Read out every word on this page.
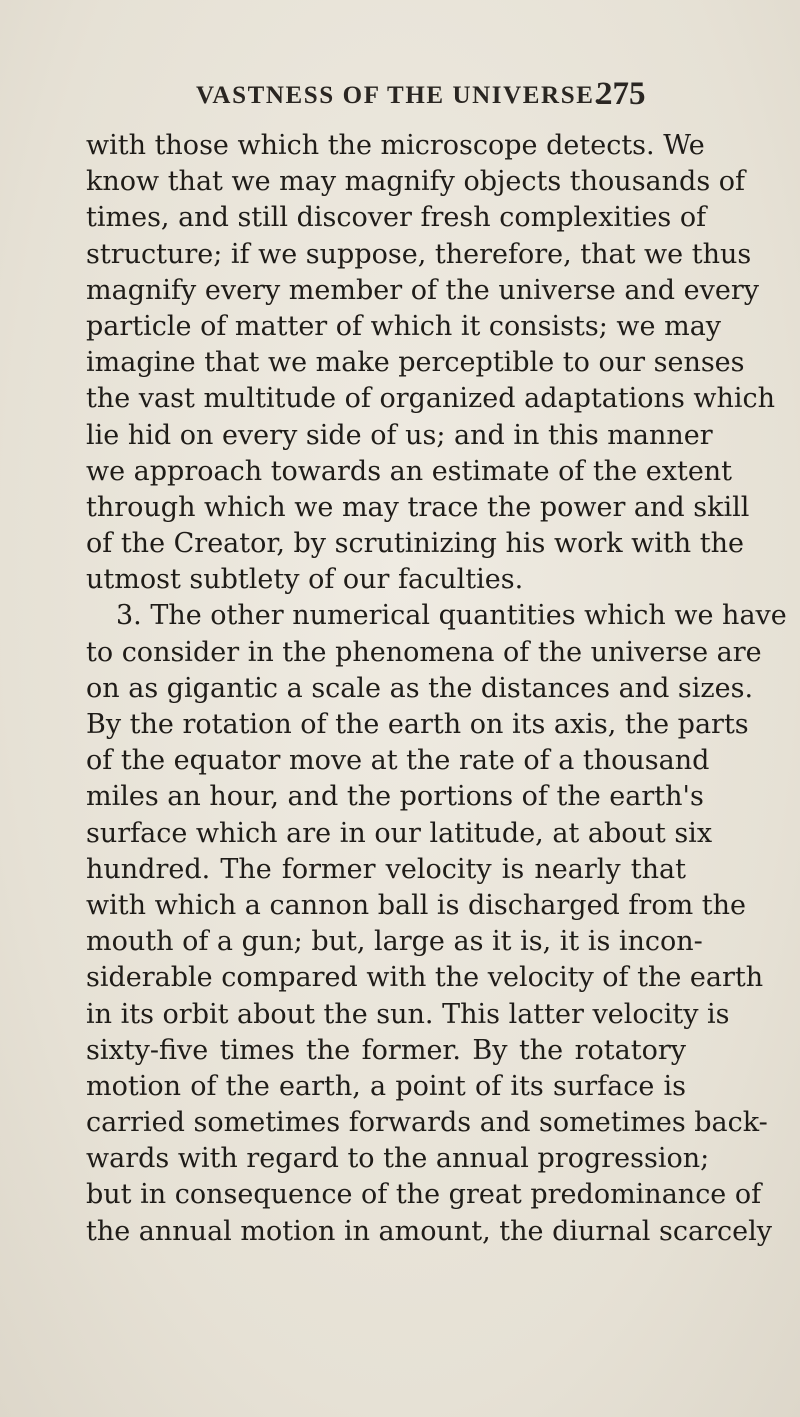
VASTNESS OF THE UNIVERSE.
275
with those which the microscope detects. We
know that we may magnify objects thousands of
times, and still discover fresh complexities of
structure; if we suppose, therefore, that we thus
magnify every member of the universe and every
particle of matter of which it consists; we may
imagine that we make perceptible to our senses
the vast multitude of organized adaptations which
lie hid on every side of us; and in this manner
we approach towards an estimate of the extent
through which we may trace the power and skill
of the Creator, by scrutinizing his work with the
utmost subtlety of our faculties.
3. The other numerical quantities which we have
to consider in the phenomena of the universe are
on as gigantic a scale as the distances and sizes.
By the rotation of the earth on its axis, the parts
of the equator move at the rate of a thousand
miles an hour, and the portions of the earth's
surface which are in our latitude, at about six
hundred. The former velocity is nearly that
with which a cannon ball is discharged from the
mouth of a gun; but, large as it is, it is incon-
siderable compared with the velocity of the earth
in its orbit about the sun. This latter velocity is
sixty-five times the former. By the rotatory
motion of the earth, a point of its surface is
carried sometimes forwards and sometimes back-
wards with regard to the annual progression;
but in consequence of the great predominance of
the annual motion in amount, the diurnal scarcely
